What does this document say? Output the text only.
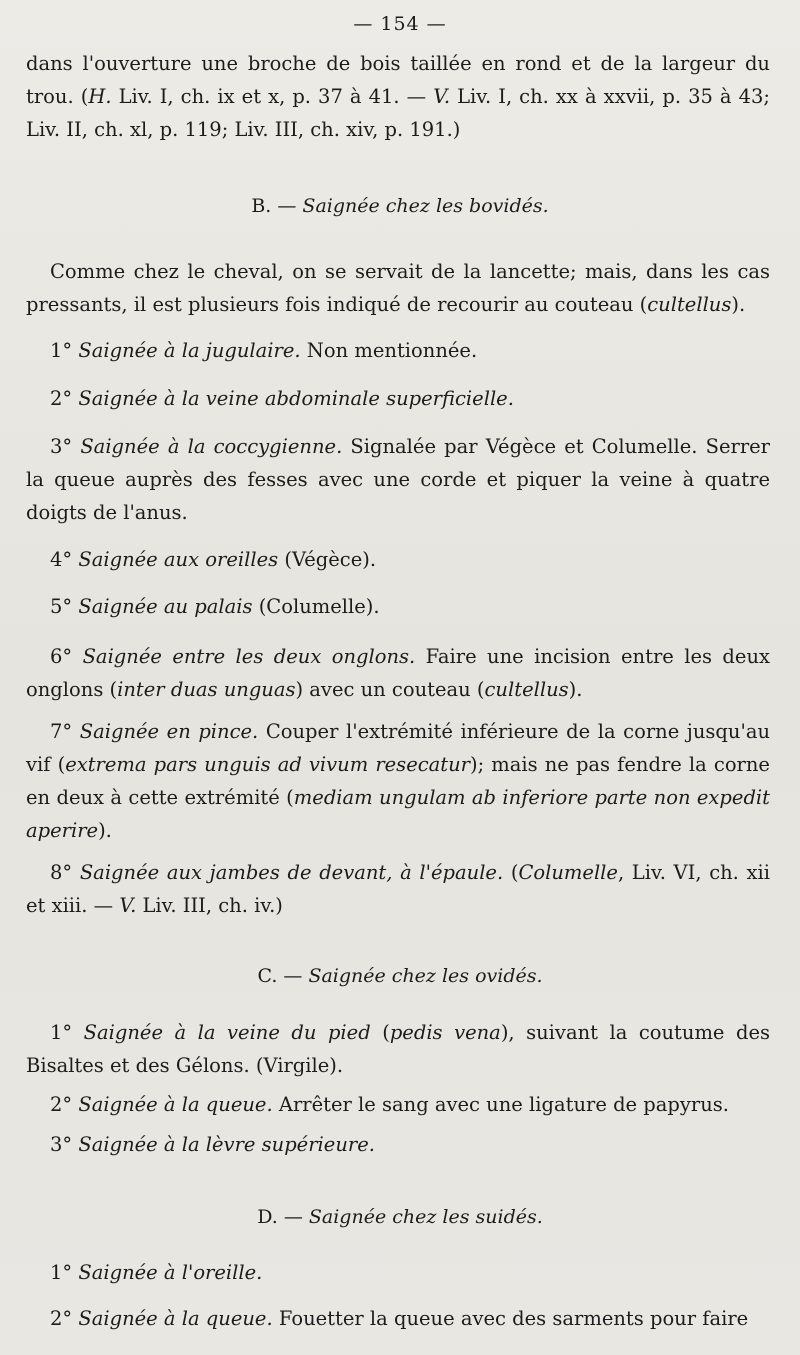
— 154 —
dans l'ouverture une broche de bois taillée en rond et de la largeur du trou. (H. Liv. I, ch. ix et x, p. 37 à 41. — V. Liv. I, ch. xx à xxvii, p. 35 à 43; Liv. II, ch. xl, p. 119; Liv. III, ch. xiv, p. 191.)
B. — Saignée chez les bovidés.
Comme chez le cheval, on se servait de la lancette; mais, dans les cas pressants, il est plusieurs fois indiqué de recourir au couteau (cultellus).
1° Saignée à la jugulaire. Non mentionnée.
2° Saignée à la veine abdominale superficielle.
3° Saignée à la coccygienne. Signalée par Végèce et Columelle. Serrer la queue auprès des fesses avec une corde et piquer la veine à quatre doigts de l'anus.
4° Saignée aux oreilles (Végèce).
5° Saignée au palais (Columelle).
6° Saignée entre les deux onglons. Faire une incision entre les deux onglons (inter duas unguas) avec un couteau (cultellus).
7° Saignée en pince. Couper l'extrémité inférieure de la corne jusqu'au vif (extrema pars unguis ad vivum resecatur); mais ne pas fendre la corne en deux à cette extrémité (mediam ungulam ab inferiore parte non expedit aperire).
8° Saignée aux jambes de devant, à l'épaule. (Columelle, Liv. VI, ch. xii et xiii. — V. Liv. III, ch. iv.)
C. — Saignée chez les ovidés.
1° Saignée à la veine du pied (pedis vena), suivant la coutume des Bisaltes et des Gélons. (Virgile).
2° Saignée à la queue. Arrêter le sang avec une ligature de papyrus.
3° Saignée à la lèvre supérieure.
D. — Saignée chez les suidés.
1° Saignée à l'oreille.
2° Saignée à la queue. Fouetter la queue avec des sarments pour faire
